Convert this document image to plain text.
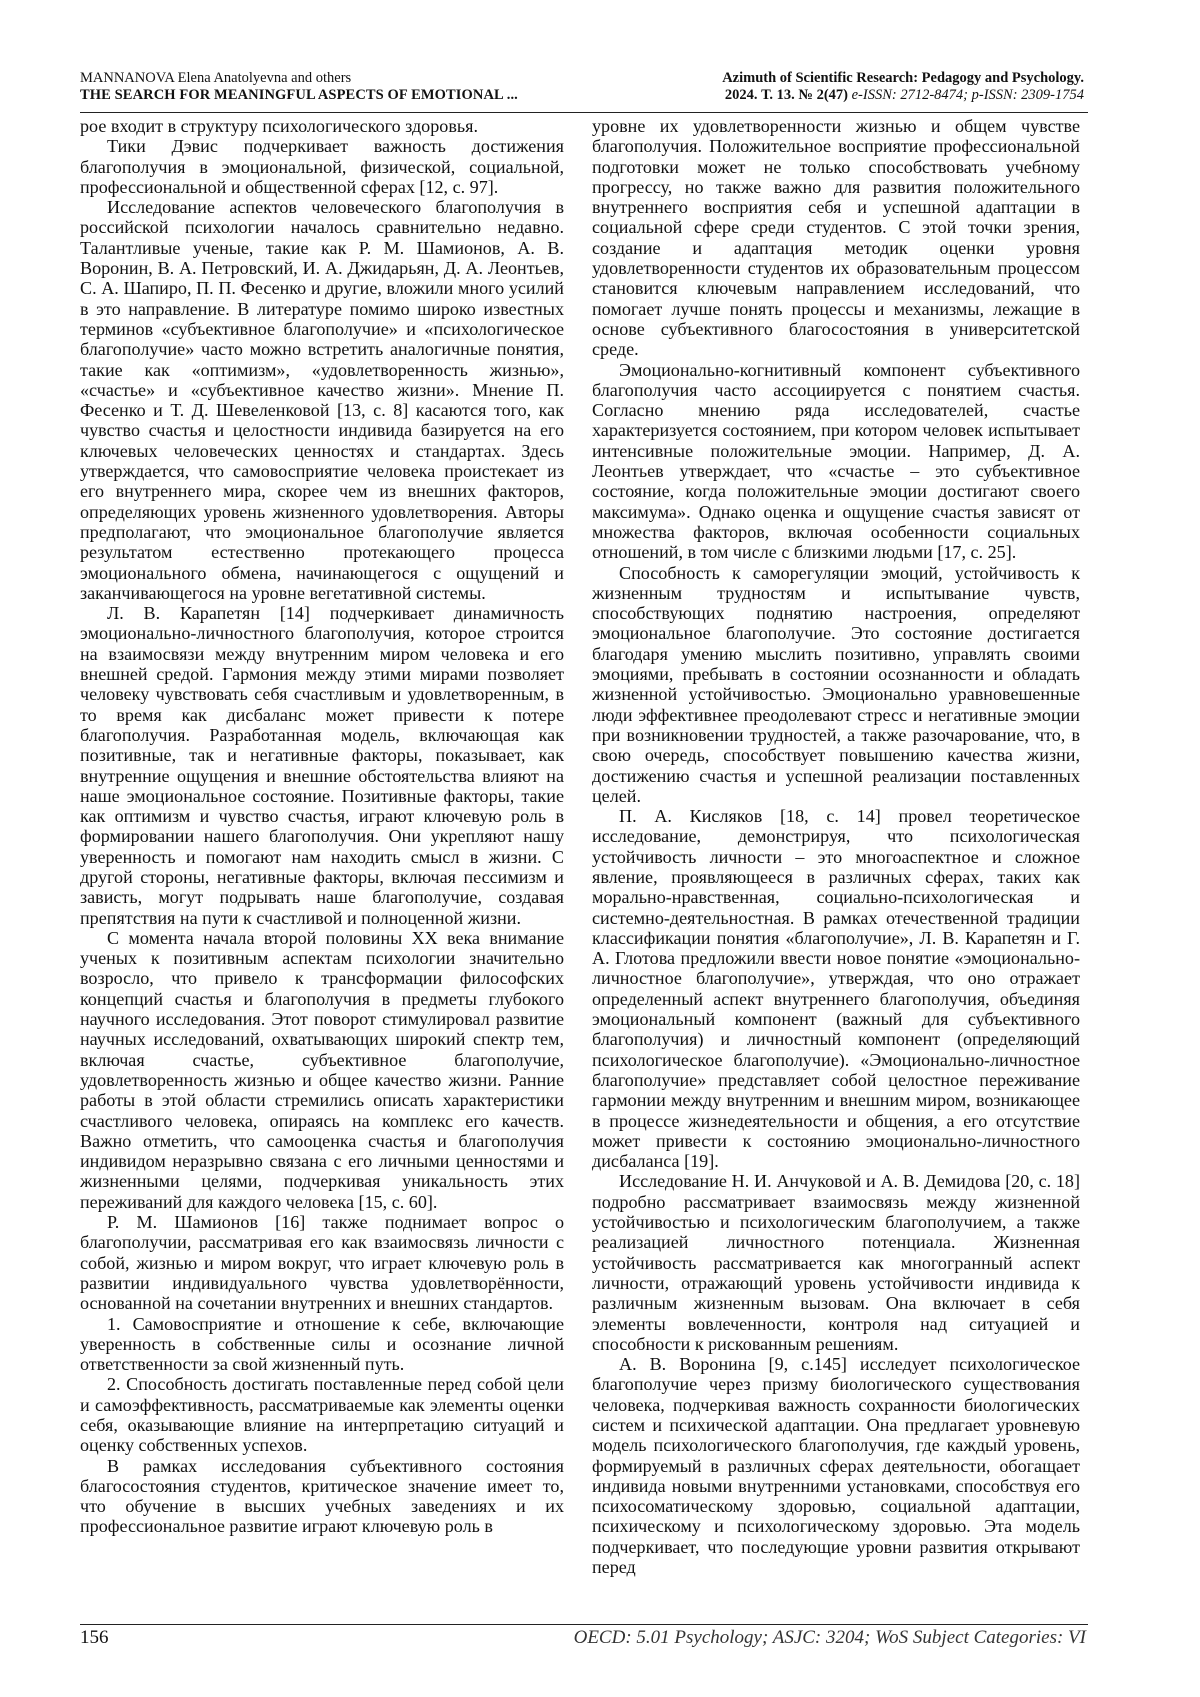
MANNANOVA Elena Anatolyevna and others
THE SEARCH FOR MEANINGFUL ASPECTS OF EMOTIONAL ...
Azimuth of Scientific Research: Pedagogy and Psychology.
2024. Т. 13. № 2(47) e-ISSN: 2712-8474; p-ISSN: 2309-1754

рое входит в структуру психологического здоровья.

Тики Дэвис подчеркивает важность достижения благополучия в эмоциональной, физической, социальной, профессиональной и общественной сферах [12, с. 97].

Исследование аспектов человеческого благополучия в российской психологии началось сравнительно недавно. Талантливые ученые, такие как Р. М. Шамионов, А. В. Воронин, В. А. Петровский, И. А. Джидарьян, Д. А. Леонтьев, С. А. Шапиро, П. П. Фесенко и другие, вложили много усилий в это направление. В литературе помимо широко известных терминов «субъективное благополучие» и «психологическое благополучие» часто можно встретить аналогичные понятия, такие как «оптимизм», «удовлетворенность жизнью», «счастье» и «субъективное качество жизни». Мнение П. Фесенко и Т. Д. Шевеленковой [13, с. 8] касаются того, как чувство счастья и целостности индивида базируется на его ключевых человеческих ценностях и стандартах. Здесь утверждается, что самовосприятие человека проистекает из его внутреннего мира, скорее чем из внешних факторов, определяющих уровень жизненного удовлетворения. Авторы предполагают, что эмоциональное благополучие является результатом естественно протекающего процесса эмоционального обмена, начинающегося с ощущений и заканчивающегося на уровне вегетативной системы.

Л. В. Карапетян [14] подчеркивает динамичность эмоционально-личностного благополучия, которое строится на взаимосвязи между внутренним миром человека и его внешней средой. Гармония между этими мирами позволяет человеку чувствовать себя счастливым и удовлетворенным, в то время как дисбаланс может привести к потере благополучия. Разработанная модель, включающая как позитивные, так и негативные факторы, показывает, как внутренние ощущения и внешние обстоятельства влияют на наше эмоциональное состояние. Позитивные факторы, такие как оптимизм и чувство счастья, играют ключевую роль в формировании нашего благополучия. Они укрепляют нашу уверенность и помогают нам находить смысл в жизни. С другой стороны, негативные факторы, включая пессимизм и зависть, могут подрывать наше благополучие, создавая препятствия на пути к счастливой и полноценной жизни.

С момента начала второй половины XX века внимание ученых к позитивным аспектам психологии значительно возросло, что привело к трансформации философских концепций счастья и благополучия в предметы глубокого научного исследования. Этот поворот стимулировал развитие научных исследований, охватывающих широкий спектр тем, включая счастье, субъективное благополучие, удовлетворенность жизнью и общее качество жизни. Ранние работы в этой области стремились описать характеристики счастливого человека, опираясь на комплекс его качеств. Важно отметить, что самооценка счастья и благополучия индивидом неразрывно связана с его личными ценностями и жизненными целями, подчеркивая уникальность этих переживаний для каждого человека [15, с. 60].

Р. М. Шамионов [16] также поднимает вопрос о благополучии, рассматривая его как взаимосвязь личности с собой, жизнью и миром вокруг, что играет ключевую роль в развитии индивидуального чувства удовлетворённости, основанной на сочетании внутренних и внешних стандартов.

1. Самовосприятие и отношение к себе, включающие уверенность в собственные силы и осознание личной ответственности за свой жизненный путь.

2. Способность достигать поставленные перед собой цели и самоэффективность, рассматриваемые как элементы оценки себя, оказывающие влияние на интерпретацию ситуаций и оценку собственных успехов.

В рамках исследования субъективного состояния благосостояния студентов, критическое значение имеет то, что обучение в высших учебных заведениях и их профессиональное развитие играют ключевую роль в

уровне их удовлетворенности жизнью и общем чувстве благополучия. Положительное восприятие профессиональной подготовки может не только способствовать учебному прогрессу, но также важно для развития положительного внутреннего восприятия себя и успешной адаптации в социальной сфере среди студентов. С этой точки зрения, создание и адаптация методик оценки уровня удовлетворенности студентов их образовательным процессом становится ключевым направлением исследований, что помогает лучше понять процессы и механизмы, лежащие в основе субъективного благосостояния в университетской среде.

Эмоционально-когнитивный компонент субъективного благополучия часто ассоциируется с понятием счастья. Согласно мнению ряда исследователей, счастье характеризуется состоянием, при котором человек испытывает интенсивные положительные эмоции. Например, Д. А. Леонтьев утверждает, что «счастье – это субъективное состояние, когда положительные эмоции достигают своего максимума». Однако оценка и ощущение счастья зависят от множества факторов, включая особенности социальных отношений, в том числе с близкими людьми [17, с. 25].

Способность к саморегуляции эмоций, устойчивость к жизненным трудностям и испытывание чувств, способствующих поднятию настроения, определяют эмоциональное благополучие. Это состояние достигается благодаря умению мыслить позитивно, управлять своими эмоциями, пребывать в состоянии осознанности и обладать жизненной устойчивостью. Эмоционально уравновешенные люди эффективнее преодолевают стресс и негативные эмоции при возникновении трудностей, а также разочарование, что, в свою очередь, способствует повышению качества жизни, достижению счастья и успешной реализации поставленных целей.

П. А. Кисляков [18, с. 14] провел теоретическое исследование, демонстрируя, что психологическая устойчивость личности – это многоаспектное и сложное явление, проявляющееся в различных сферах, таких как морально-нравственная, социально-психологическая и системно-деятельностная. В рамках отечественной традиции классификации понятия «благополучие», Л. В. Карапетян и Г. А. Глотова предложили ввести новое понятие «эмоционально-личностное благополучие», утверждая, что оно отражает определенный аспект внутреннего благополучия, объединяя эмоциональный компонент (важный для субъективного благополучия) и личностный компонент (определяющий психологическое благополучие). «Эмоционально-личностное благополучие» представляет собой целостное переживание гармонии между внутренним и внешним миром, возникающее в процессе жизнедеятельности и общения, а его отсутствие может привести к состоянию эмоционально-личностного дисбаланса [19].

Исследование Н. И. Анчуковой и А. В. Демидова [20, с. 18] подробно рассматривает взаимосвязь между жизненной устойчивостью и психологическим благополучием, а также реализацией личностного потенциала. Жизненная устойчивость рассматривается как многогранный аспект личности, отражающий уровень устойчивости индивида к различным жизненным вызовам. Она включает в себя элементы вовлеченности, контроля над ситуацией и способности к рискованным решениям.

А. В. Воронина [9, с.145] исследует психологическое благополучие через призму биологического существования человека, подчеркивая важность сохранности биологических систем и психической адаптации. Она предлагает уровневую модель психологического благополучия, где каждый уровень, формируемый в различных сферах деятельности, обогащает индивида новыми внутренними установками, способствуя его психосоматическому здоровью, социальной адаптации, психическому и психологическому здоровью. Эта модель подчеркивает, что последующие уровни развития открывают перед

156	OECD: 5.01 Psychology; ASJC: 3204; WoS Subject Categories: VI
